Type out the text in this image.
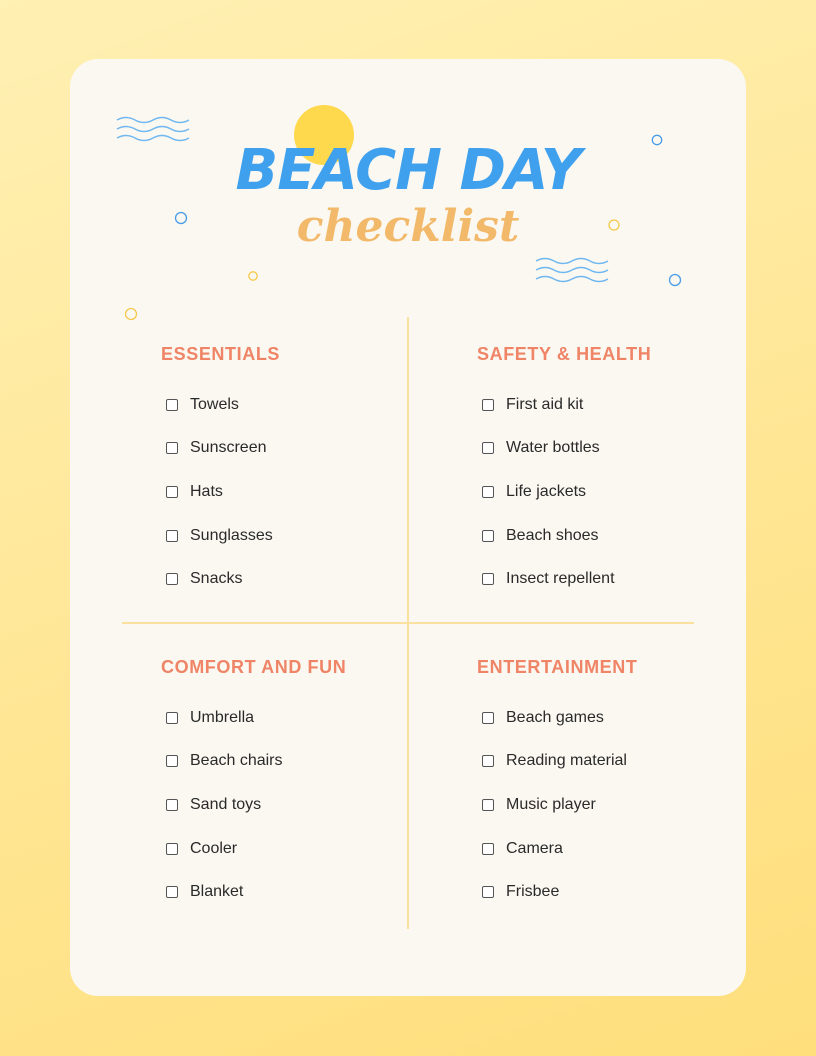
BEACH DAY
checklist
ESSENTIALS
Towels
Sunscreen
Hats
Sunglasses
Snacks
SAFETY & HEALTH
First aid kit
Water bottles
Life jackets
Beach shoes
Insect repellent
COMFORT AND FUN
Umbrella
Beach chairs
Sand toys
Cooler
Blanket
ENTERTAINMENT
Beach games
Reading material
Music player
Camera
Frisbee
